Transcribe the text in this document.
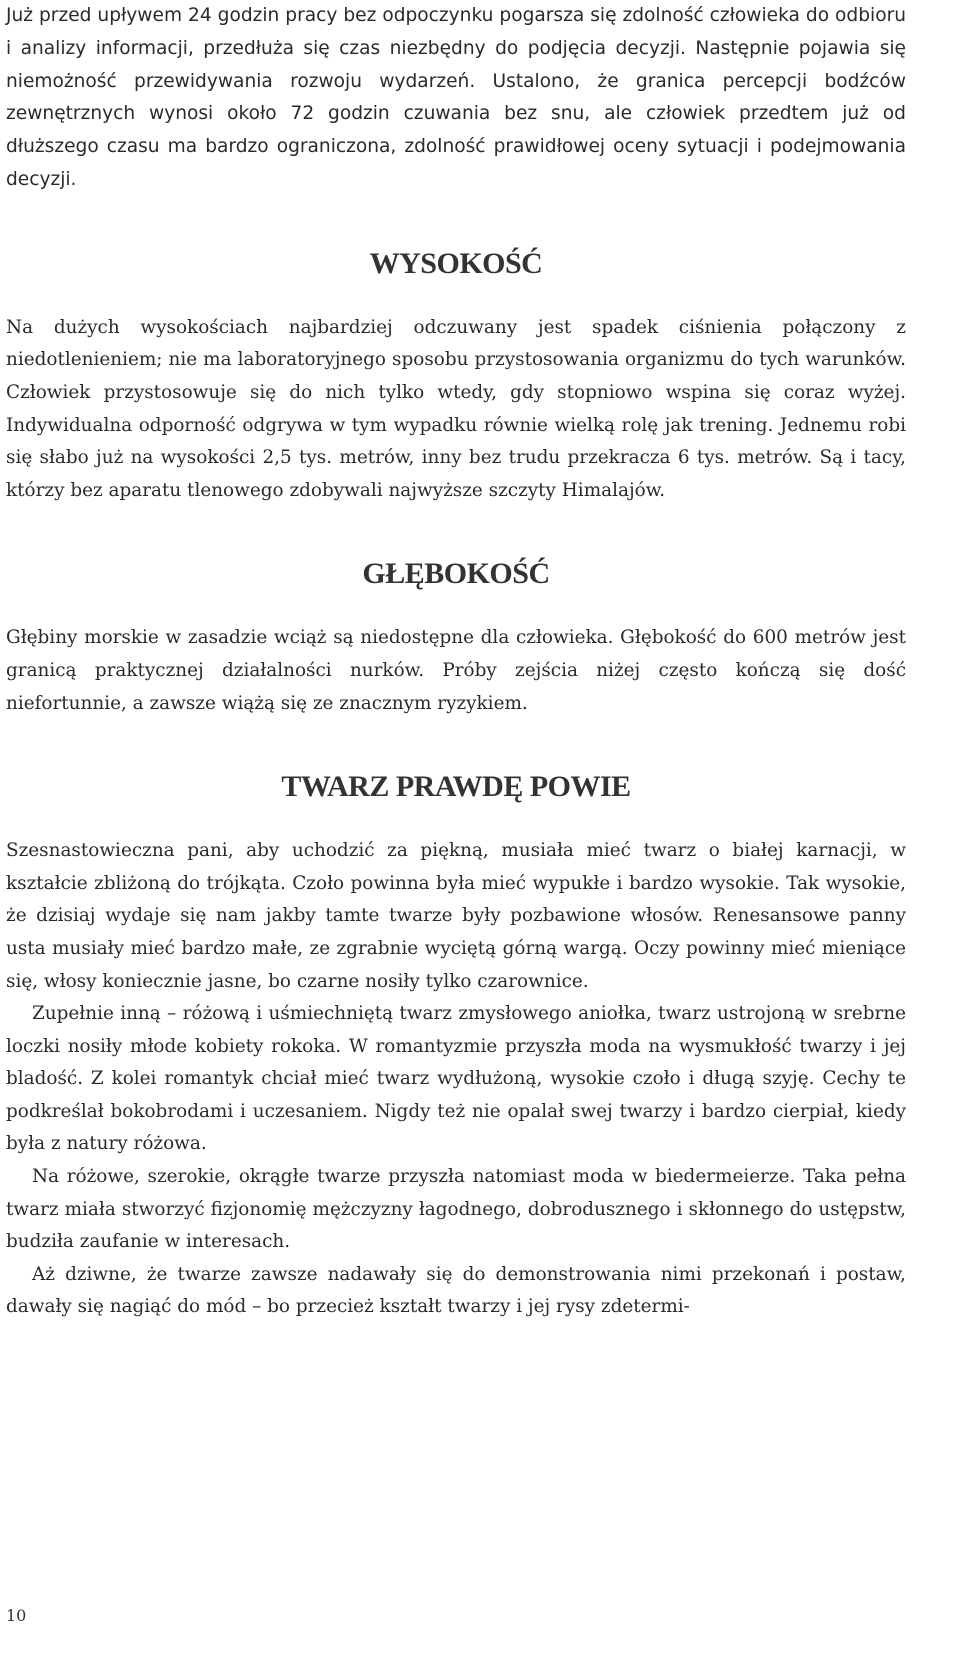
Już przed upływem 24 godzin pracy bez odpoczynku pogarsza się zdolność człowieka do odbioru i analizy informacji, przedłuża się czas niezbędny do podjęcia decyzji. Następnie pojawia się niemożność przewidywania rozwoju wydarzeń. Ustalono, że granica percepcji bodźców zewnętrznych wynosi około 72 godzin czuwania bez snu, ale człowiek przedtem już od dłuższego czasu ma bardzo ograniczona, zdolność prawidłowej oceny sytuacji i podejmowania decyzji.

WYSOKOŚĆ

Na dużych wysokościach najbardziej odczuwany jest spadek ciśnienia połączony z niedotlenieniem; nie ma laboratoryjnego sposobu przystosowania organizmu do tych warunków. Człowiek przystosowuje się do nich tylko wtedy, gdy stopniowo wspina się coraz wyżej. Indywidualna odporność odgrywa w tym wypadku równie wielką rolę jak trening. Jednemu robi się słabo już na wysokości 2,5 tys. metrów, inny bez trudu przekracza 6 tys. metrów. Są i tacy, którzy bez aparatu tlenowego zdobywali najwyższe szczyty Himalajów.

GŁĘBOKOŚĆ

Głębiny morskie w zasadzie wciąż są niedostępne dla człowieka. Głębokość do 600 metrów jest granicą praktycznej działalności nurków. Próby zejścia niżej często kończą się dość niefortunnie, a zawsze wiążą się ze znacznym ryzykiem.

TWARZ PRAWDĘ POWIE

Szesnastowieczna pani, aby uchodzić za piękną, musiała mieć twarz o białej karnacji, w kształcie zbliżoną do trójkąta. Czoło powinna była mieć wypukłe i bardzo wysokie. Tak wysokie, że dzisiaj wydaje się nam jakby tamte twarze były pozbawione włosów. Renesansowe panny usta musiały mieć bardzo małe, ze zgrabnie wyciętą górną wargą. Oczy powinny mieć mieniące się, włosy koniecznie jasne, bo czarne nosiły tylko czarownice.

Zupełnie inną – różową i uśmiechniętą twarz zmysłowego aniołka, twarz ustrojoną w srebrne loczki nosiły młode kobiety rokoka. W romantyzmie przyszła moda na wysmukłość twarzy i jej bladość. Z kolei romantyk chciał mieć twarz wydłużoną, wysokie czoło i długą szyję. Cechy te podkreślał bokobrodami i uczesaniem. Nigdy też nie opalał swej twarzy i bardzo cierpiał, kiedy była z natury różowa.

Na różowe, szerokie, okrągłe twarze przyszła natomiast moda w biedermeierze. Taka pełna twarz miała stworzyć fizjonomię mężczyzny łagodnego, dobrodusznego i skłonnego do ustępstw, budziła zaufanie w interesach.

Aż dziwne, że twarze zawsze nadawały się do demonstrowania nimi przekonań i postaw, dawały się nagiąć do mód – bo przecież kształt twarzy i jej rysy zdetermi-

10
